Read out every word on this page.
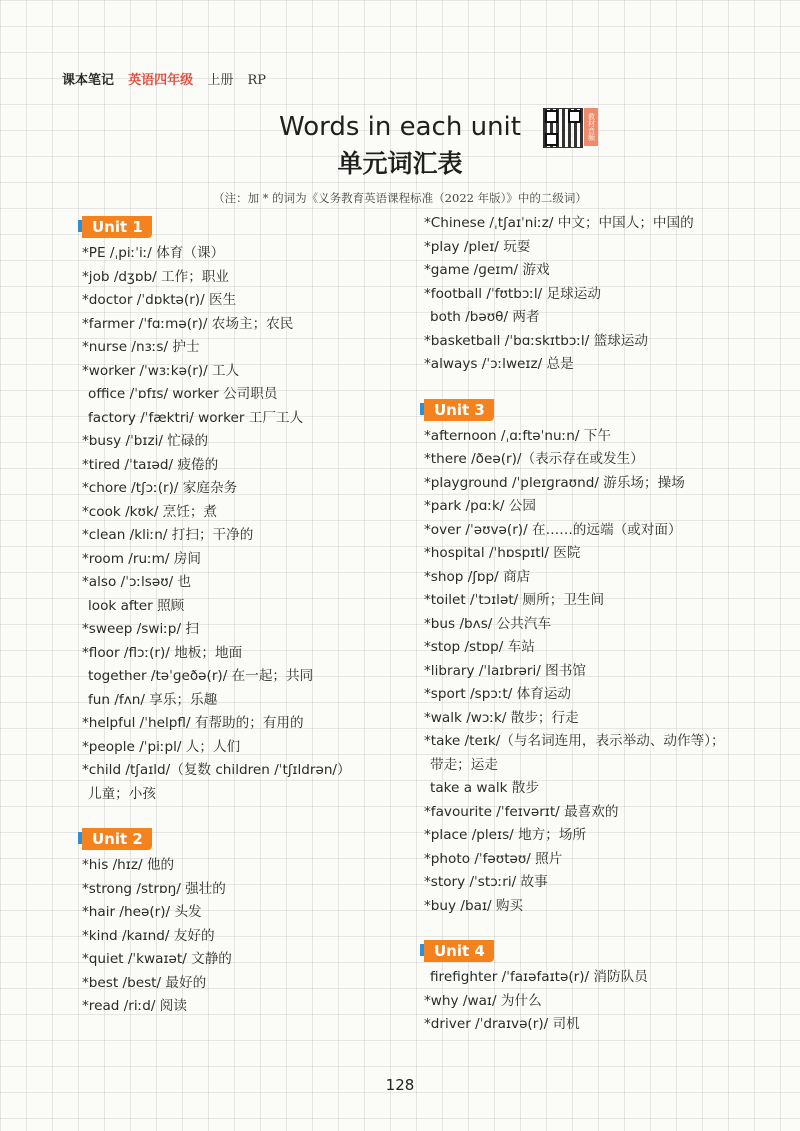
课本笔记 英语四年级 上册 RP
Words in each unit
单元词汇表
（注：加 * 的词为《义务教育英语课程标准（2022 年版）》中的二级词）
教材音频
Unit 1
*PE /ˌpiːˈiː/ 体育（课）
*job /dʒɒb/ 工作；职业
*doctor /ˈdɒktə(r)/ 医生
*farmer /ˈfɑːmə(r)/ 农场主；农民
*nurse /nɜːs/ 护士
*worker /ˈwɜːkə(r)/ 工人
office /ˈɒfɪs/ worker 公司职员
factory /ˈfæktri/ worker 工厂工人
*busy /ˈbɪzi/ 忙碌的
*tired /ˈtaɪəd/ 疲倦的
*chore /tʃɔː(r)/ 家庭杂务
*cook /kʊk/ 烹饪；煮
*clean /kliːn/ 打扫；干净的
*room /ruːm/ 房间
*also /ˈɔːlsəʊ/ 也
look after 照顾
*sweep /swiːp/ 扫
*floor /flɔː(r)/ 地板；地面
together /təˈɡeðə(r)/ 在一起；共同
fun /fʌn/ 享乐；乐趣
*helpful /ˈhelpfl/ 有帮助的；有用的
*people /ˈpiːpl/ 人；人们
*child /tʃaɪld/（复数 children /ˈtʃɪldrən/）
儿童；小孩
Unit 2
*his /hɪz/ 他的
*strong /strɒŋ/ 强壮的
*hair /heə(r)/ 头发
*kind /kaɪnd/ 友好的
*quiet /ˈkwaɪət/ 文静的
*best /best/ 最好的
*read /riːd/ 阅读
*Chinese /ˌtʃaɪˈniːz/ 中文；中国人；中国的
*play /pleɪ/ 玩耍
*game /ɡeɪm/ 游戏
*football /ˈfʊtbɔːl/ 足球运动
both /bəʊθ/ 两者
*basketball /ˈbɑːskɪtbɔːl/ 篮球运动
*always /ˈɔːlweɪz/ 总是
Unit 3
*afternoon /ˌɑːftəˈnuːn/ 下午
*there /ðeə(r)/（表示存在或发生）
*playground /ˈpleɪɡraʊnd/ 游乐场；操场
*park /pɑːk/ 公园
*over /ˈəʊvə(r)/ 在……的远端（或对面）
*hospital /ˈhɒspɪtl/ 医院
*shop /ʃɒp/ 商店
*toilet /ˈtɔɪlət/ 厕所；卫生间
*bus /bʌs/ 公共汽车
*stop /stɒp/ 车站
*library /ˈlaɪbrəri/ 图书馆
*sport /spɔːt/ 体育运动
*walk /wɔːk/ 散步；行走
*take /teɪk/（与名词连用，表示举动、动作等）；
带走；运走
take a walk 散步
*favourite /ˈfeɪvərɪt/ 最喜欢的
*place /pleɪs/ 地方；场所
*photo /ˈfəʊtəʊ/ 照片
*story /ˈstɔːri/ 故事
*buy /baɪ/ 购买
Unit 4
firefighter /ˈfaɪəfaɪtə(r)/ 消防队员
*why /waɪ/ 为什么
*driver /ˈdraɪvə(r)/ 司机
128
